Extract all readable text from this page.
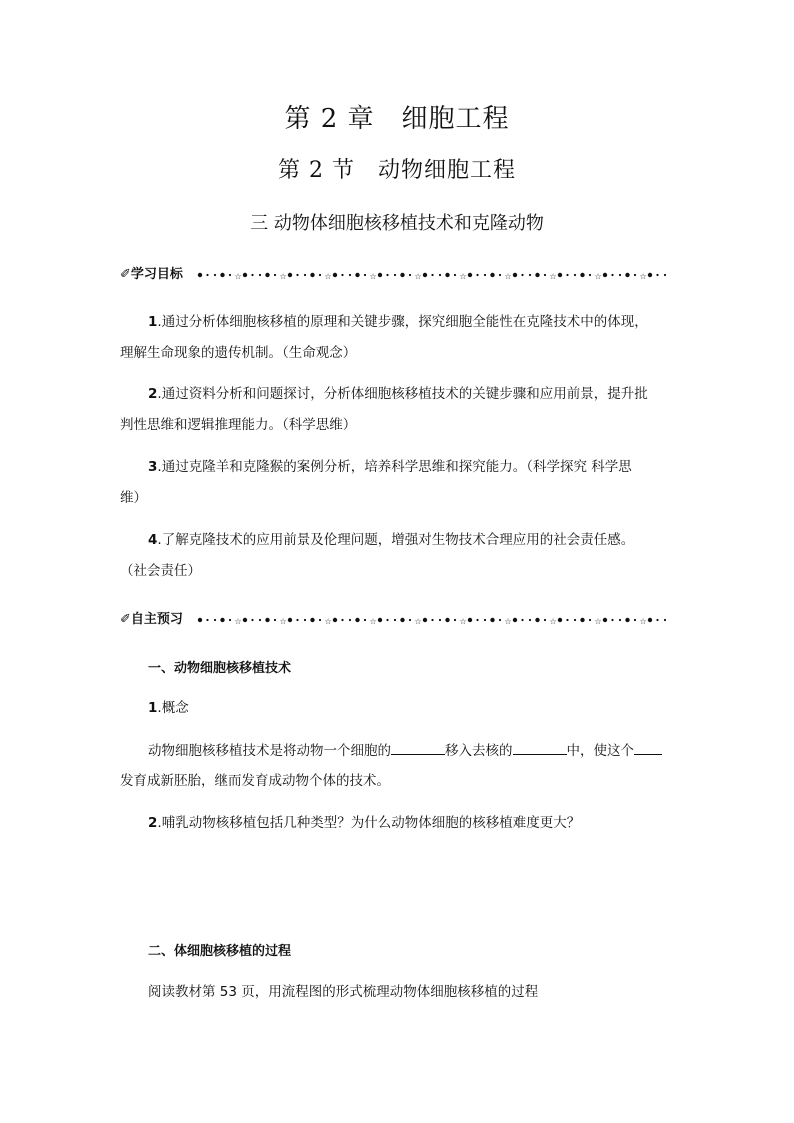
第 2 章　细胞工程
第 2 节　动物细胞工程
三 动物体细胞核移植技术和克隆动物
☆	☆	☆	☆	☆	☆	☆	☆	☆	☆
✐学习目标
1.通过分析体细胞核移植的原理和关键步骤，探究细胞全能性在克隆技术中的体现，
理解生命现象的遗传机制。（生命观念）
2.通过资料分析和问题探讨，分析体细胞核移植技术的关键步骤和应用前景，提升批
判性思维和逻辑推理能力。（科学思维）
3.通过克隆羊和克隆猴的案例分析，培养科学思维和探究能力。（科学探究 科学思
维）
4.了解克隆技术的应用前景及伦理问题，增强对生物技术合理应用的社会责任感。
（社会责任）
☆	☆	☆	☆	☆	☆	☆	☆	☆	☆
✐自主预习
一、动物细胞核移植技术
1.概念
动物细胞核移植技术是将动物一个细胞的	移入去核的	中，使这个
发育成新胚胎，继而发育成动物个体的技术。
2.哺乳动物核移植包括几种类型？为什么动物体细胞的核移植难度更大？
二、体细胞核移植的过程
阅读教材第 53 页，用流程图的形式梳理动物体细胞核移植的过程
